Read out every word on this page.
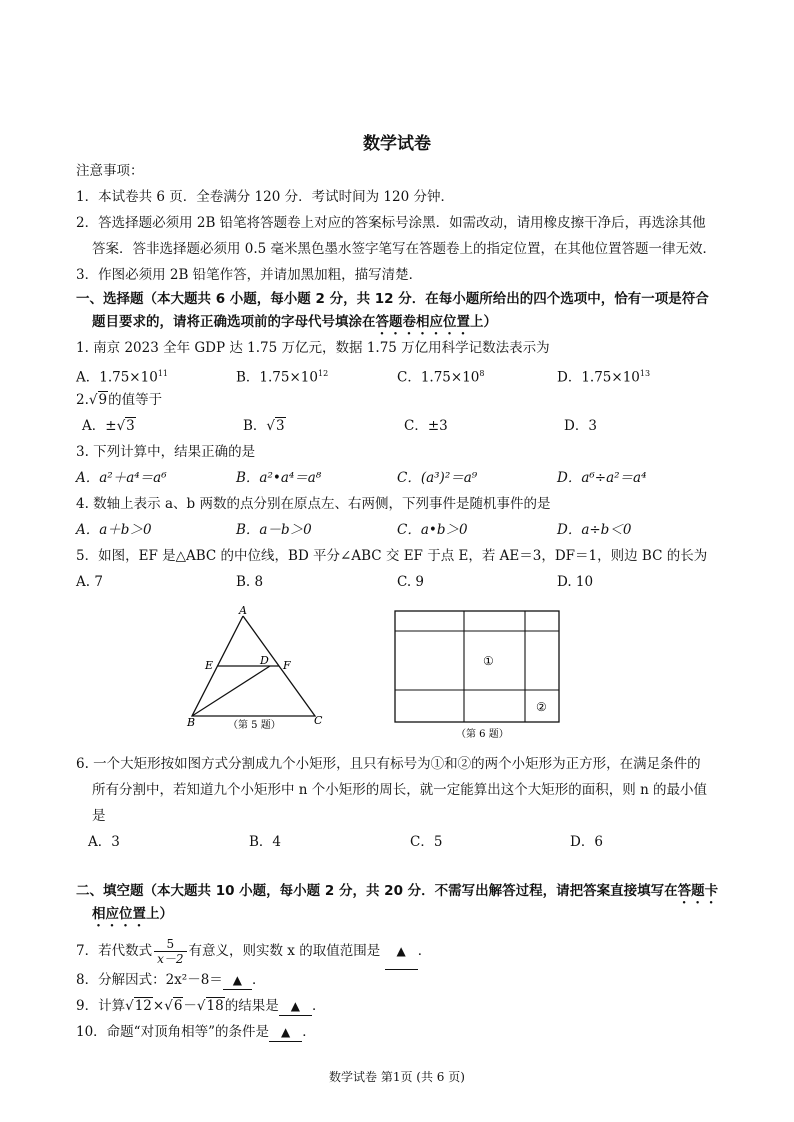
数学试卷
注意事项：
1．本试卷共 6 页．全卷满分 120 分．考试时间为 120 分钟．
2．答选择题必须用 2B 铅笔将答题卷上对应的答案标号涂黑．如需改动，请用橡皮擦干净后，再选涂其他
答案．答非选择题必须用 0.5 毫米黑色墨水签字笔写在答题卷上的指定位置，在其他位置答题一律无效．
3．作图必须用 2B 铅笔作答，并请加黑加粗，描写清楚．
一、选择题（本大题共 6 小题，每小题 2 分，共 12 分．在每小题所给出的四个选项中，恰有一项是符合
题目要求的，请将正确选项前的字母代号填涂在答题卷相应位置上）
1. 南京 2023 全年 GDP 达 1.75 万亿元，数据 1.75 万亿用科学记数法表示为
A．$1.75\times 10^{11}$	B．$1.75\times 10^{12}$	C．$1.75\times 10^8$	D．$1.75\times 10^{13}$
2.√9的值等于
A．±√3	B．√3	C．±3	D．3
3. 下列计算中，结果正确的是
A．a²＋a⁴＝a⁶	B．a²•a⁴＝a⁸	C．(a³)²＝a⁹	D．a⁶÷a²＝a⁴
4. 数轴上表示 a、b 两数的点分别在原点左、右两侧，下列事件是随机事件的是
A．a＋b＞0	B．a－b＞0	C．a•b＞0	D．a÷b＜0
5．如图，EF 是△ABC 的中位线，BD 平分∠ABC 交 EF 于点 E，若 AE＝3，DF＝1，则边 BC 的长为
A. 7	B. 8	C. 9	D. 10
A
E	D F
B	C
（第 5 题）
①
②
（第 6 题）
6. 一个大矩形按如图方式分割成九个小矩形，且只有标号为①和②的两个小矩形为正方形，在满足条件的
所有分割中，若知道九个小矩形中 n 个小矩形的周长，就一定能算出这个大矩形的面积，则 n 的最小值
是
A．3	B．4	C．5	D．6
二、填空题（本大题共 10 小题，每小题 2 分，共 20 分．不需写出解答过程，请把答案直接填写在答题卡
相应位置上）
7．若代数式 $\frac{5}{x-2}$ 有意义，则实数 x 的取值范围是 ▲ ．
8．分解因式：2x²－8＝ ▲ ．
9．计算√12×√6－√18的结果是 ▲ ．
10．命题“对顶角相等”的条件是 ▲ ．
数学试卷 第1页 (共 6 页)
